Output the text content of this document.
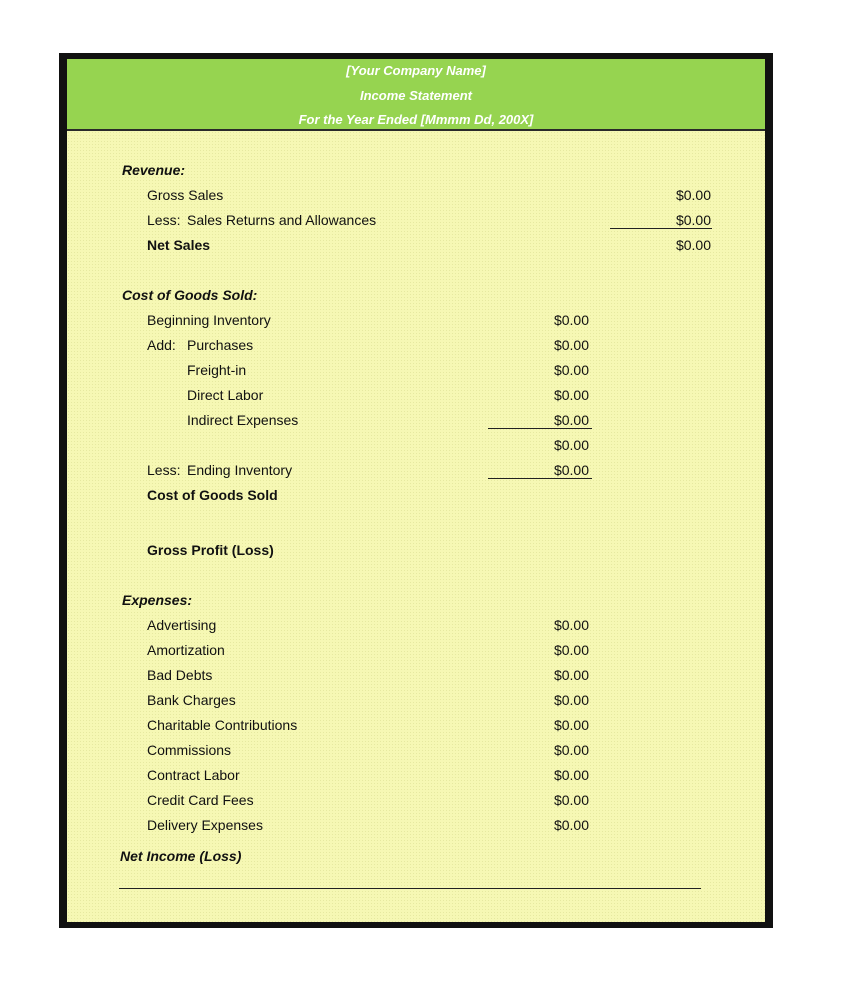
[Your Company Name]
Income Statement
For the Year Ended [Mmmm Dd, 200X]
Revenue:
Gross Sales	$0.00
Less: Sales Returns and Allowances	$0.00
Net Sales	$0.00
Cost of Goods Sold:
Beginning Inventory	$0.00
Add: Purchases	$0.00
Freight-in	$0.00
Direct Labor	$0.00
Indirect Expenses	$0.00
$0.00
Less: Ending Inventory	$0.00
Cost of Goods Sold
Gross Profit (Loss)
Expenses:
Advertising	$0.00
Amortization	$0.00
Bad Debts	$0.00
Bank Charges	$0.00
Charitable Contributions	$0.00
Commissions	$0.00
Contract Labor	$0.00
Credit Card Fees	$0.00
Delivery Expenses	$0.00
Net Income (Loss)
